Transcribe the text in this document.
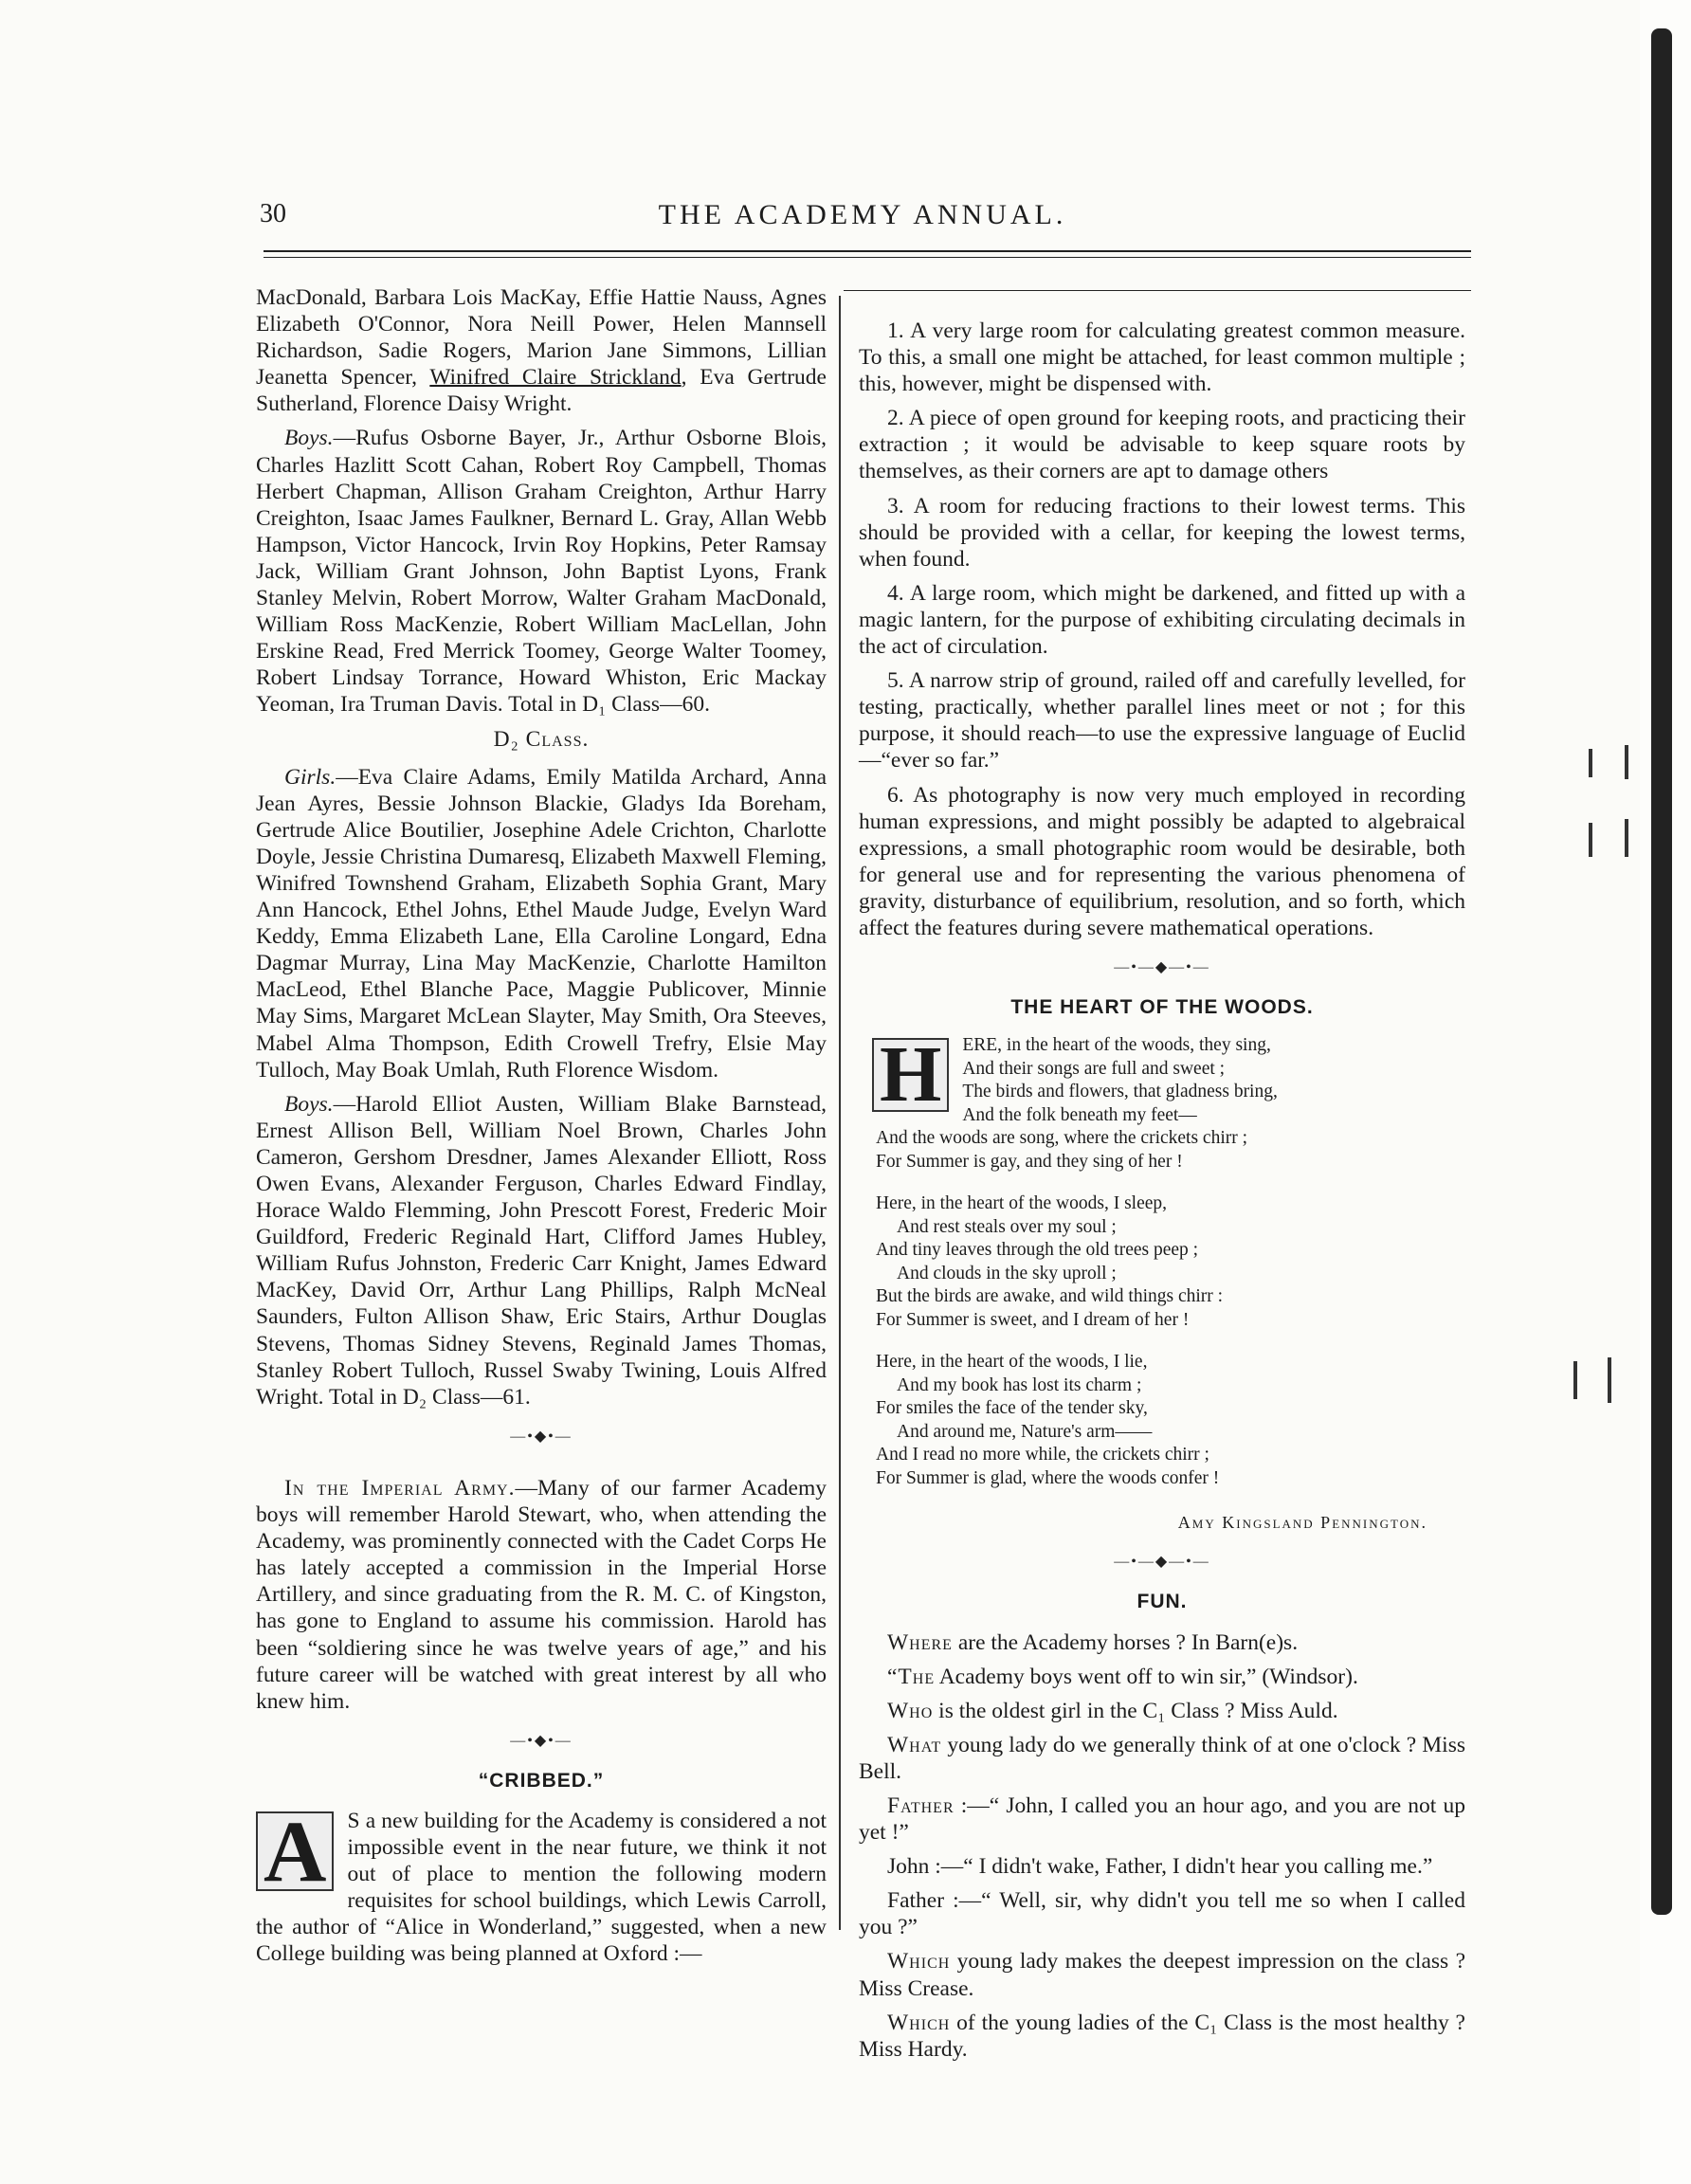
30	THE ACADEMY ANNUAL.

MacDonald, Barbara Lois MacKay, Effie Hattie Nauss, Agnes Elizabeth O'Connor, Nora Neill Power, Helen Mannsell Richardson, Sadie Rogers, Marion Jane Simmons, Lillian Jeanetta Spencer, Winifred Claire Strickland, Eva Gertrude Sutherland, Florence Daisy Wright.

Boys.—Rufus Osborne Bayer, Jr., Arthur Osborne Blois, Charles Hazlitt Scott Cahan, Robert Roy Campbell, Thomas Herbert Chapman, Allison Graham Creighton, Arthur Harry Creighton, Isaac James Faulkner, Bernard L. Gray, Allan Webb Hampson, Victor Hancock, Irvin Roy Hopkins, Peter Ramsay Jack, William Grant Johnson, John Baptist Lyons, Frank Stanley Melvin, Robert Morrow, Walter Graham MacDonald, William Ross MacKenzie, Robert William MacLellan, John Erskine Read, Fred Merrick Toomey, George Walter Toomey, Robert Lindsay Torrance, Howard Whiston, Eric Mackay Yeoman, Ira Truman Davis. Total in D₁ Class—60.

D₂ Class.

Girls.—Eva Claire Adams, Emily Matilda Archard, Anna Jean Ayres, Bessie Johnson Blackie, Gladys Ida Boreham, Gertrude Alice Boutilier, Josephine Adele Crichton, Charlotte Doyle, Jessie Christina Dumaresq, Elizabeth Maxwell Fleming, Winifred Townshend Graham, Elizabeth Sophia Grant, Mary Ann Hancock, Ethel Johns, Ethel Maude Judge, Evelyn Ward Keddy, Emma Elizabeth Lane, Ella Caroline Longard, Edna Dagmar Murray, Lina May MacKenzie, Charlotte Hamilton MacLeod, Ethel Blanche Pace, Maggie Publicover, Minnie May Sims, Margaret McLean Slayter, May Smith, Ora Steeves, Mabel Alma Thompson, Edith Crowell Trefry, Elsie May Tulloch, May Boak Umlah, Ruth Florence Wisdom.

Boys.—Harold Elliot Austen, William Blake Barnstead, Ernest Allison Bell, William Noel Brown, Charles John Cameron, Gershom Dresdner, James Alexander Elliott, Ross Owen Evans, Alexander Ferguson, Charles Edward Findlay, Horace Waldo Flemming, John Prescott Forest, Frederic Moir Guildford, Frederic Reginald Hart, Clifford James Hubley, William Rufus Johnston, Frederic Carr Knight, James Edward MacKey, David Orr, Arthur Lang Phillips, Ralph McNeal Saunders, Fulton Allison Shaw, Eric Stairs, Arthur Douglas Stevens, Thomas Sidney Stevens, Reginald James Thomas, Stanley Robert Tulloch, Russel Swaby Twining, Louis Alfred Wright. Total in D₂ Class—61.

—•◆•—

In the Imperial Army.—Many of our farmer Academy boys will remember Harold Stewart, who, when attending the Academy, was prominently connected with the Cadet Corps He has lately accepted a commission in the Imperial Horse Artillery, and since graduating from the R. M. C. of Kingston, has gone to England to assume his commission. Harold has been “soldiering since he was twelve years of age,” and his future career will be watched with great interest by all who knew him.

—•◆•—
“CRIBBED.”

A S a new building for the Academy is considered a not impossible event in the near future, we think it not out of place to mention the following modern requisites for school buildings, which Lewis Carroll, the author of “Alice in Wonderland,” suggested, when a new College building was being planned at Oxford :—

1. A very large room for calculating greatest common measure. To this, a small one might be attached, for least common multiple ; this, however, might be dispensed with.

2. A piece of open ground for keeping roots, and practicing their extraction ; it would be advisable to keep square roots by themselves, as their corners are apt to damage others

3. A room for reducing fractions to their lowest terms. This should be provided with a cellar, for keeping the lowest terms, when found.

4. A large room, which might be darkened, and fitted up with a magic lantern, for the purpose of exhibiting circulating decimals in the act of circulation.

5. A narrow strip of ground, railed off and carefully levelled, for testing, practically, whether parallel lines meet or not ; for this purpose, it should reach—to use the expressive language of Euclid—“ever so far.”

6. As photography is now very much employed in recording human expressions, and might possibly be adapted to algebraical expressions, a small photographic room would be desirable, both for general use and for representing the various phenomena of gravity, disturbance of equilibrium, resolution, and so forth, which affect the features during severe mathematical operations.

—•—◆—•—
THE HEART OF THE WOODS.
H	ERE, in the heart of the woods, they sing,
And their songs are full and sweet ;
The birds and flowers, that gladness bring,
And the folk beneath my feet—
And the woods are song, where the crickets chirr ;
For Summer is gay, and they sing of her !
Here, in the heart of the woods, I sleep,
And rest steals over my soul ;
And tiny leaves through the old trees peep ;
And clouds in the sky uproll ;
But the birds are awake, and wild things chirr :
For Summer is sweet, and I dream of her !
Here, in the heart of the woods, I lie,
And my book has lost its charm ;
For smiles the face of the tender sky,
And around me, Nature's arm——
And I read no more while, the crickets chirr ;
For Summer is glad, where the woods confer !
Amy Kingsland Pennington.
—•—◆—•—
FUN.

Where are the Academy horses ? In Barn(e)s.

“The Academy boys went off to win sir,” (Windsor).

Who is the oldest girl in the C₁ Class ? Miss Auld.

What young lady do we generally think of at one o'clock ? Miss Bell.

Father :—“ John, I called you an hour ago, and you are not up yet !”

John :—“ I didn't wake, Father, I didn't hear you calling me.”

Father :—“ Well, sir, why didn't you tell me so when I called you ?”

Which young lady makes the deepest impression on the class ? Miss Crease.

Which of the young ladies of the C₁ Class is the most healthy ? Miss Hardy.
